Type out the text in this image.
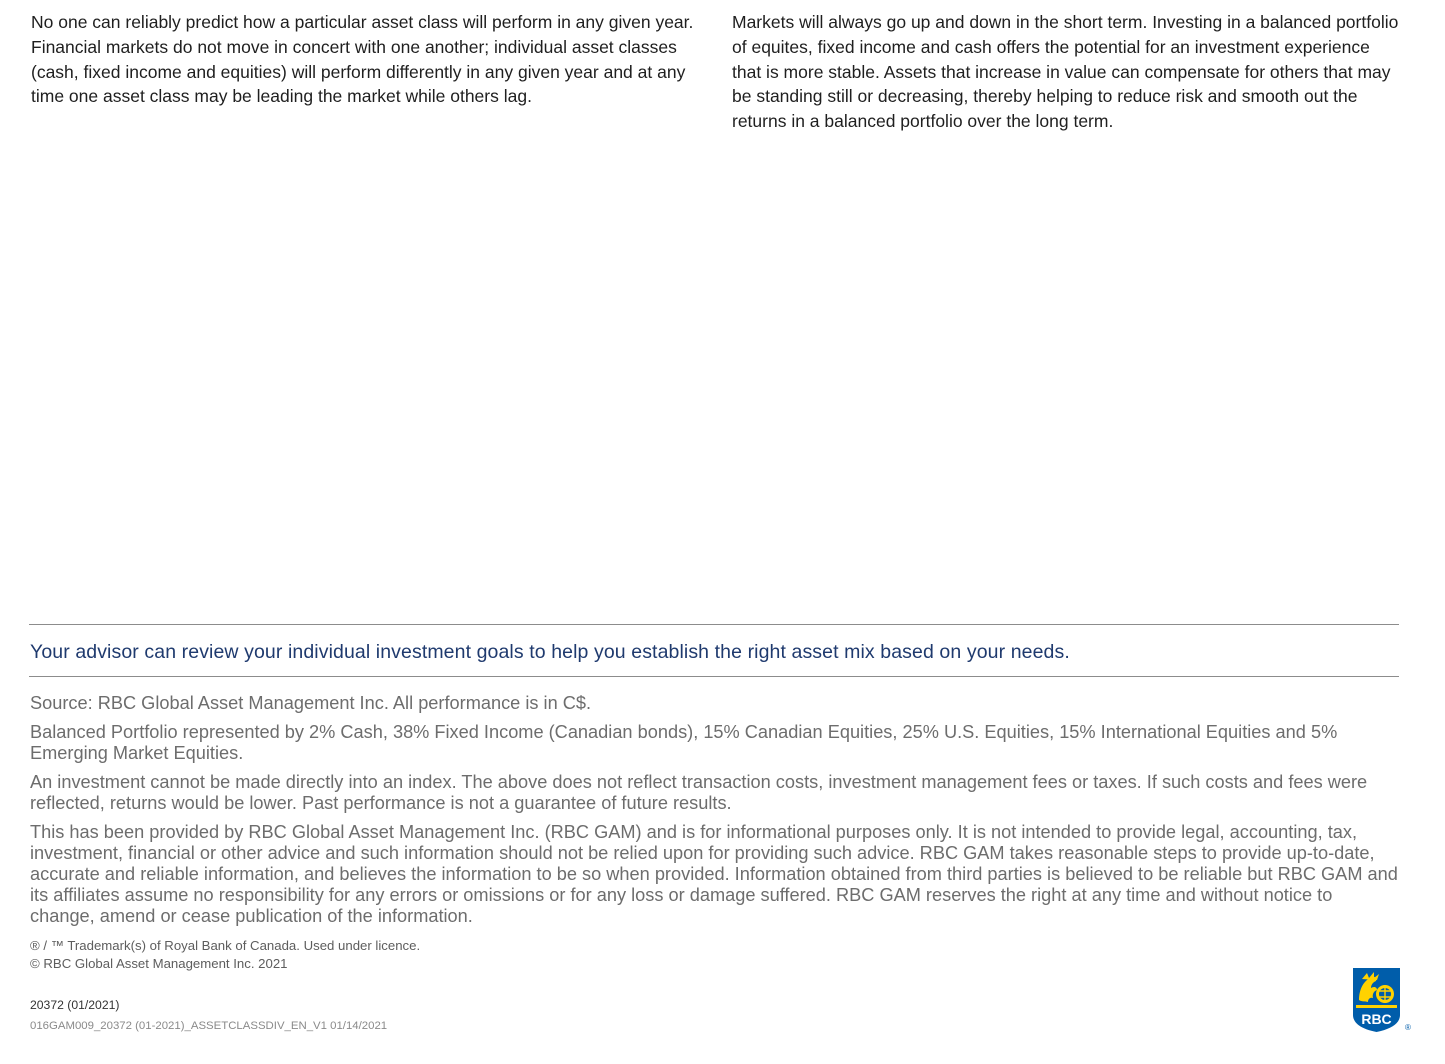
No one can reliably predict how a particular asset class will perform in any given year. Financial markets do not move in concert with one another; individual asset classes (cash, fixed income and equities) will perform differently in any given year and at any time one asset class may be leading the market while others lag.

Markets will always go up and down in the short term. Investing in a balanced portfolio of equites, fixed income and cash offers the potential for an investment experience that is more stable. Assets that increase in value can compensate for others that may be standing still or decreasing, thereby helping to reduce risk and smooth out the returns in a balanced portfolio over the long term.

Your advisor can review your individual investment goals to help you establish the right asset mix based on your needs.

Source: RBC Global Asset Management Inc. All performance is in C$.

Balanced Portfolio represented by 2% Cash, 38% Fixed Income (Canadian bonds), 15% Canadian Equities, 25% U.S. Equities, 15% International Equities and 5% Emerging Market Equities.

An investment cannot be made directly into an index. The above does not reflect transaction costs, investment management fees or taxes. If such costs and fees were reflected, returns would be lower. Past performance is not a guarantee of future results.

This has been provided by RBC Global Asset Management Inc. (RBC GAM) and is for informational purposes only. It is not intended to provide legal, accounting, tax, investment, financial or other advice and such information should not be relied upon for providing such advice. RBC GAM takes reasonable steps to provide up-to-date, accurate and reliable information, and believes the information to be so when provided. Information obtained from third parties is believed to be reliable but RBC GAM and its affiliates assume no responsibility for any errors or omissions or for any loss or damage suffered. RBC GAM reserves the right at any time and without notice to change, amend or cease publication of the information.

® / ™ Trademark(s) of Royal Bank of Canada. Used under licence.

© RBC Global Asset Management Inc. 2021

20372 (01/2021)

016GAM009_20372 (01-2021)_ASSETCLASSDIV_EN_V1 01/14/2021	RBC
®
